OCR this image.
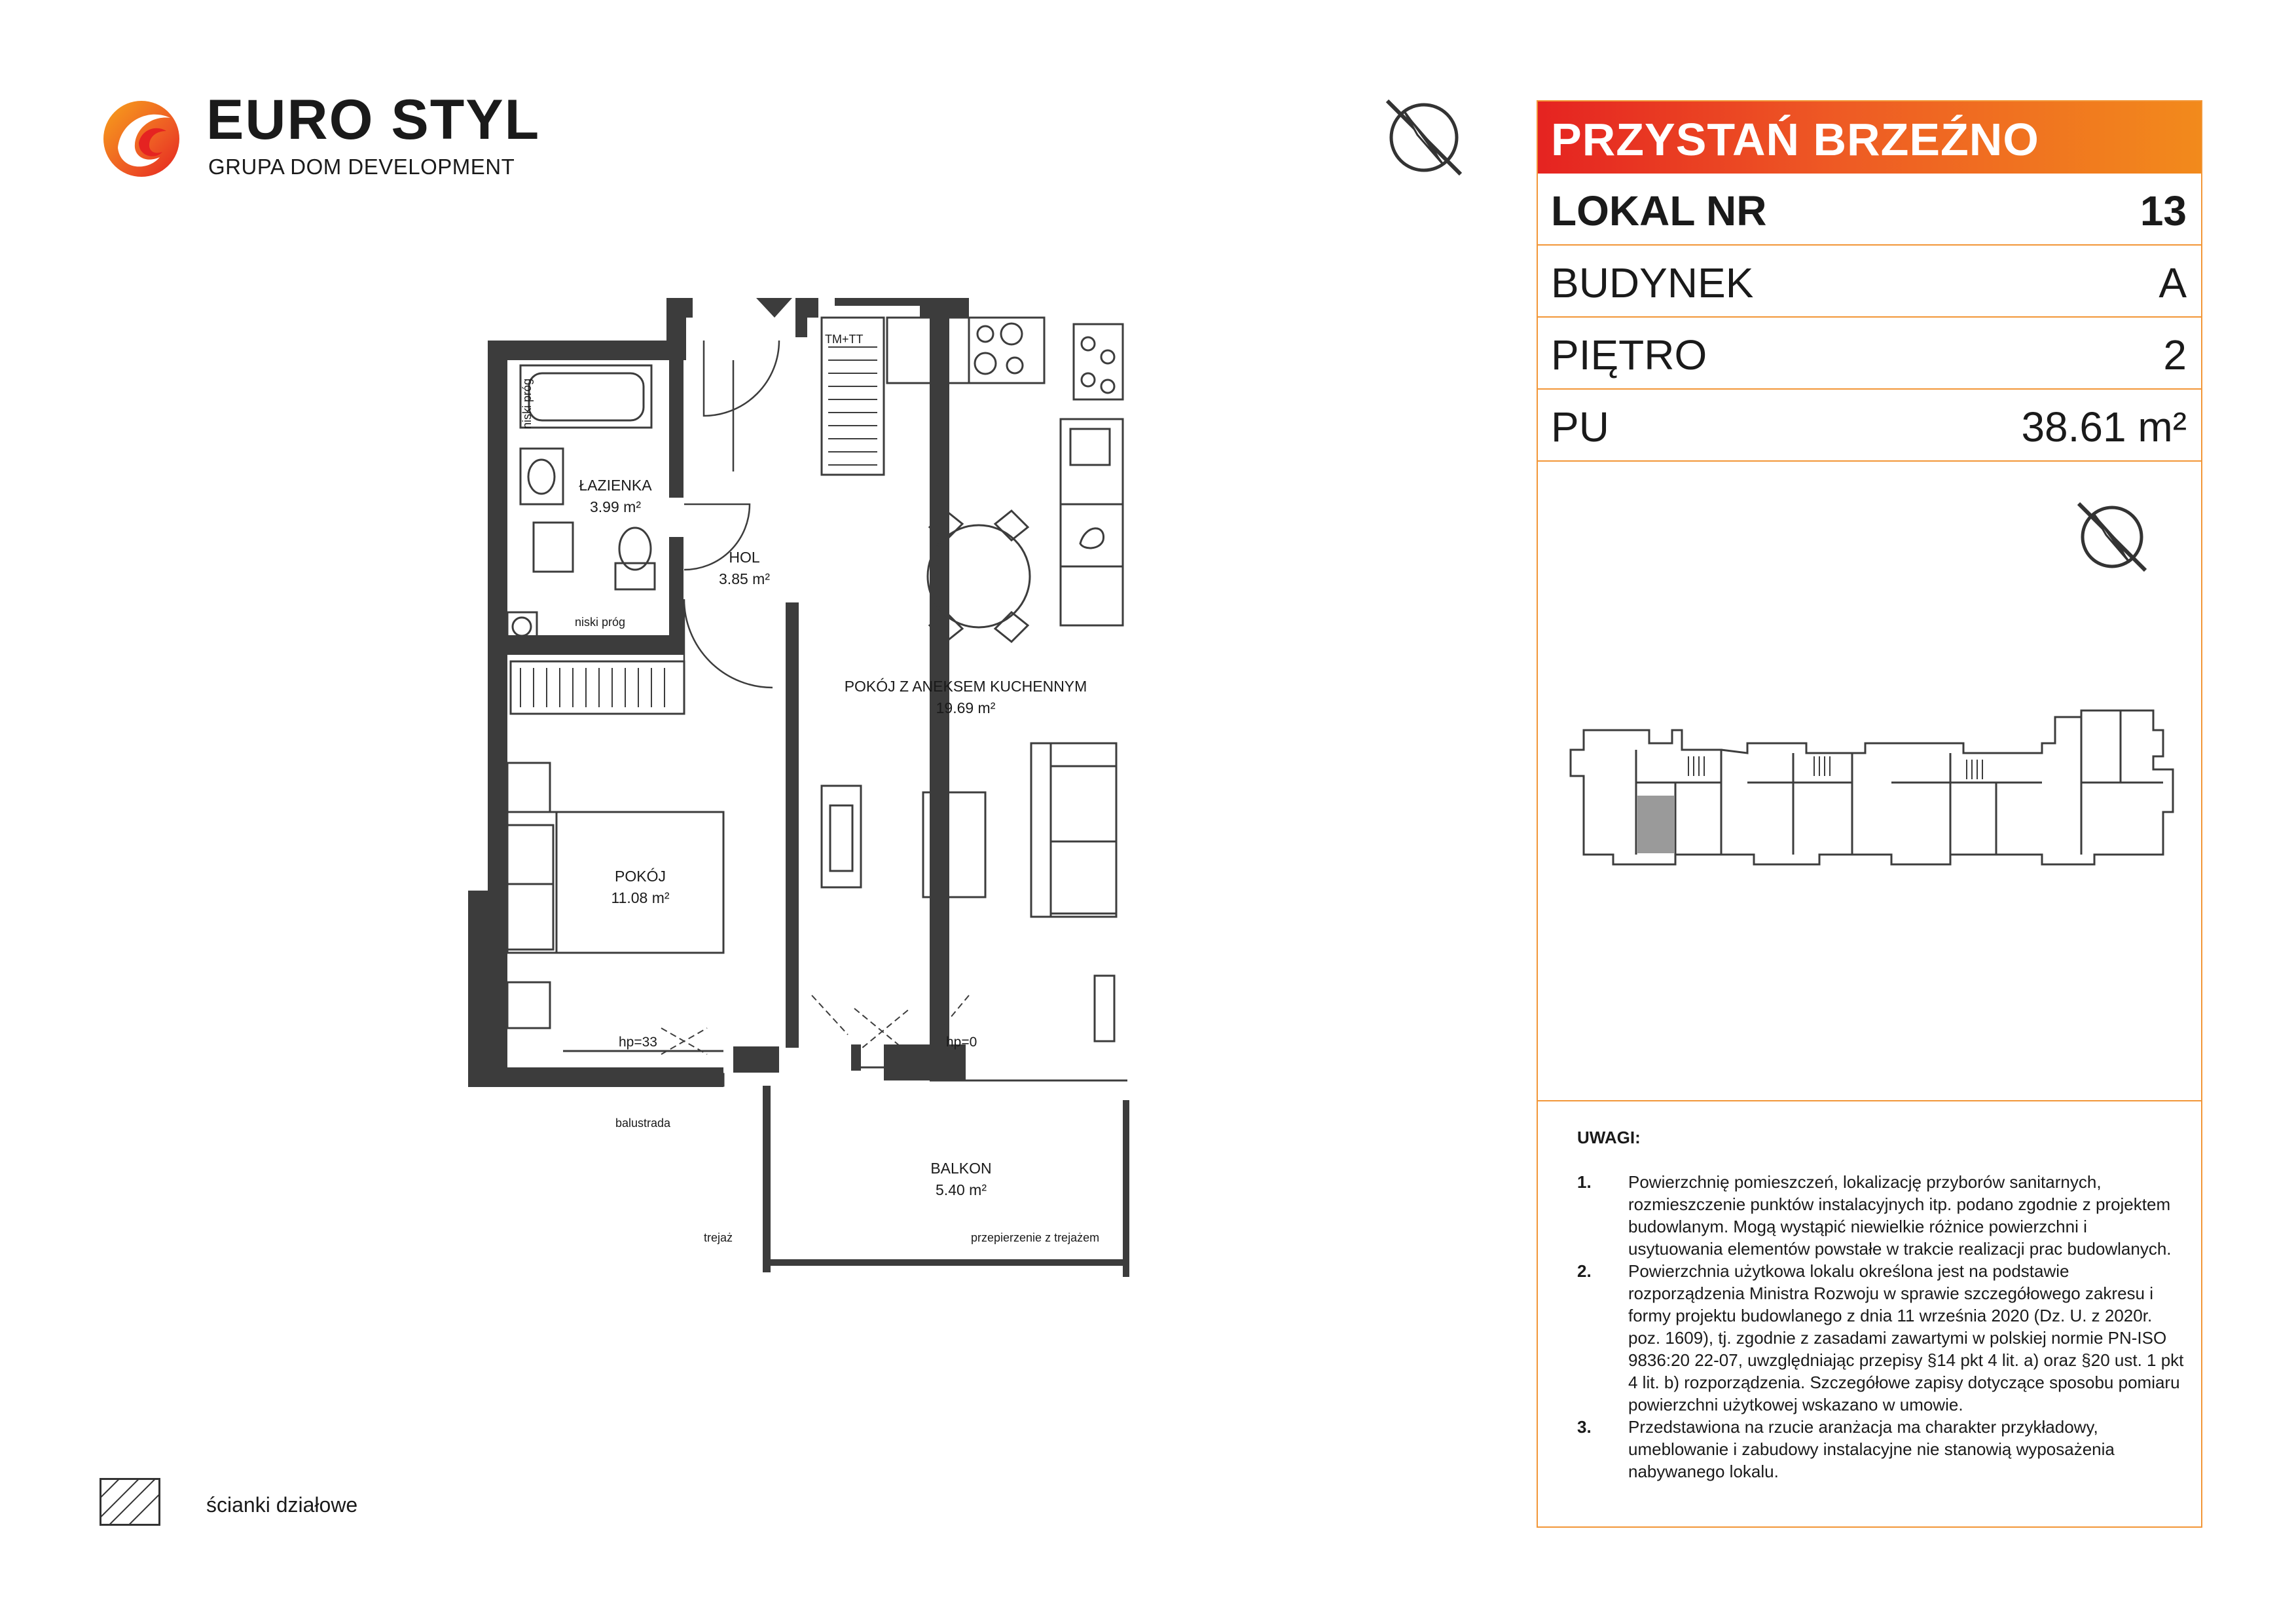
EURO STYL
GRUPA DOM DEVELOPMENT
ŁAZIENKA
3.99 m²
HOL
3.85 m²
POKÓJ Z ANEKSEM KUCHENNYM
19.69 m²
POKÓJ
11.08 m²
BALKON
5.40 m²
niski próg
niski próg
TM+TT
hp=33	hp=0
balustrada
trejaż	przepierzenie z trejażem
PRZYSTAŃ BRZEŹNO
LOKAL NR	13
BUDYNEK	A
PIĘTRO	2
PU	38.61 m²
UWAGI:
1. Powierzchnię pomieszczeń, lokalizację przyborów sanitarnych, rozmieszczenie punktów instalacyjnych itp. podano zgodnie z projektem budowlanym. Mogą wystąpić niewielkie różnice powierzchni i usytuowania elementów powstałe w trakcie realizacji prac budowlanych.
2. Powierzchnia użytkowa lokalu określona jest na podstawie rozporządzenia Ministra Rozwoju w sprawie szczegółowego zakresu i formy projektu budowlanego z dnia 11 września 2020 (Dz. U. z 2020r. poz. 1609), tj. zgodnie z zasadami zawartymi w polskiej normie PN-ISO 9836:20 22-07, uwzględniając przepisy §14 pkt 4 lit. a) oraz §20 ust. 1 pkt 4 lit. b) rozporządzenia. Szczegółowe zapisy dotyczące sposobu pomiaru powierzchni użytkowej wskazano w umowie.
3. Przedstawiona na rzucie aranżacja ma charakter przykładowy, umeblowanie i zabudowy instalacyjne nie stanowią wyposażenia nabywanego lokalu.
ścianki działowe
